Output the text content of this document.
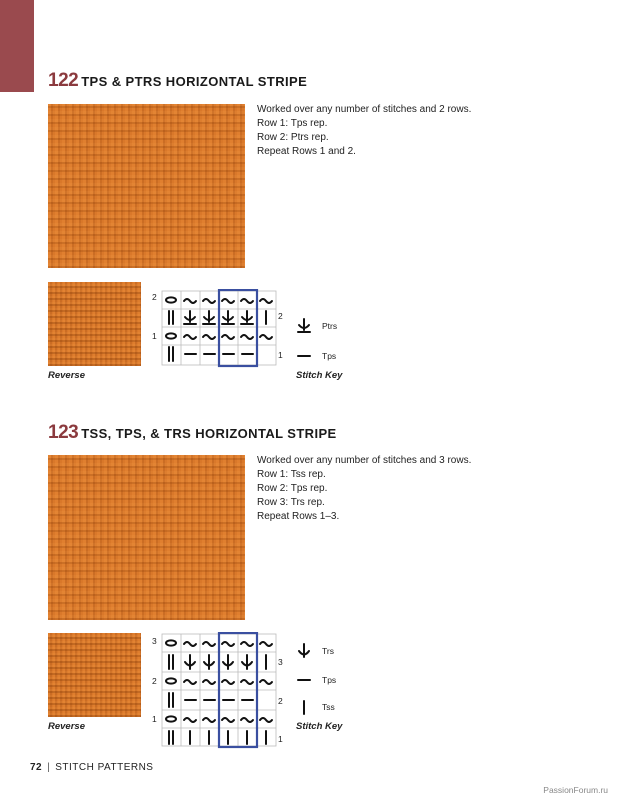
122 TPS & PTRS HORIZONTAL STRIPE
Worked over any number of stitches and 2 rows.
Row 1: Tps rep.
Row 2: Ptrs rep.
Repeat Rows 1 and 2.
Reverse
2
1
2
1
Ptrs
Tps
Stitch Key
123 TSS, TPS, & TRS HORIZONTAL STRIPE
Worked over any number of stitches and 3 rows.
Row 1: Tss rep.
Row 2: Tps rep.
Row 3: Trs rep.
Repeat Rows 1–3.
Reverse
3
2
1
3
2
1
Trs
Tps
Tss
Stitch Key
72 | STITCH PATTERNS
PassionForum.ru
